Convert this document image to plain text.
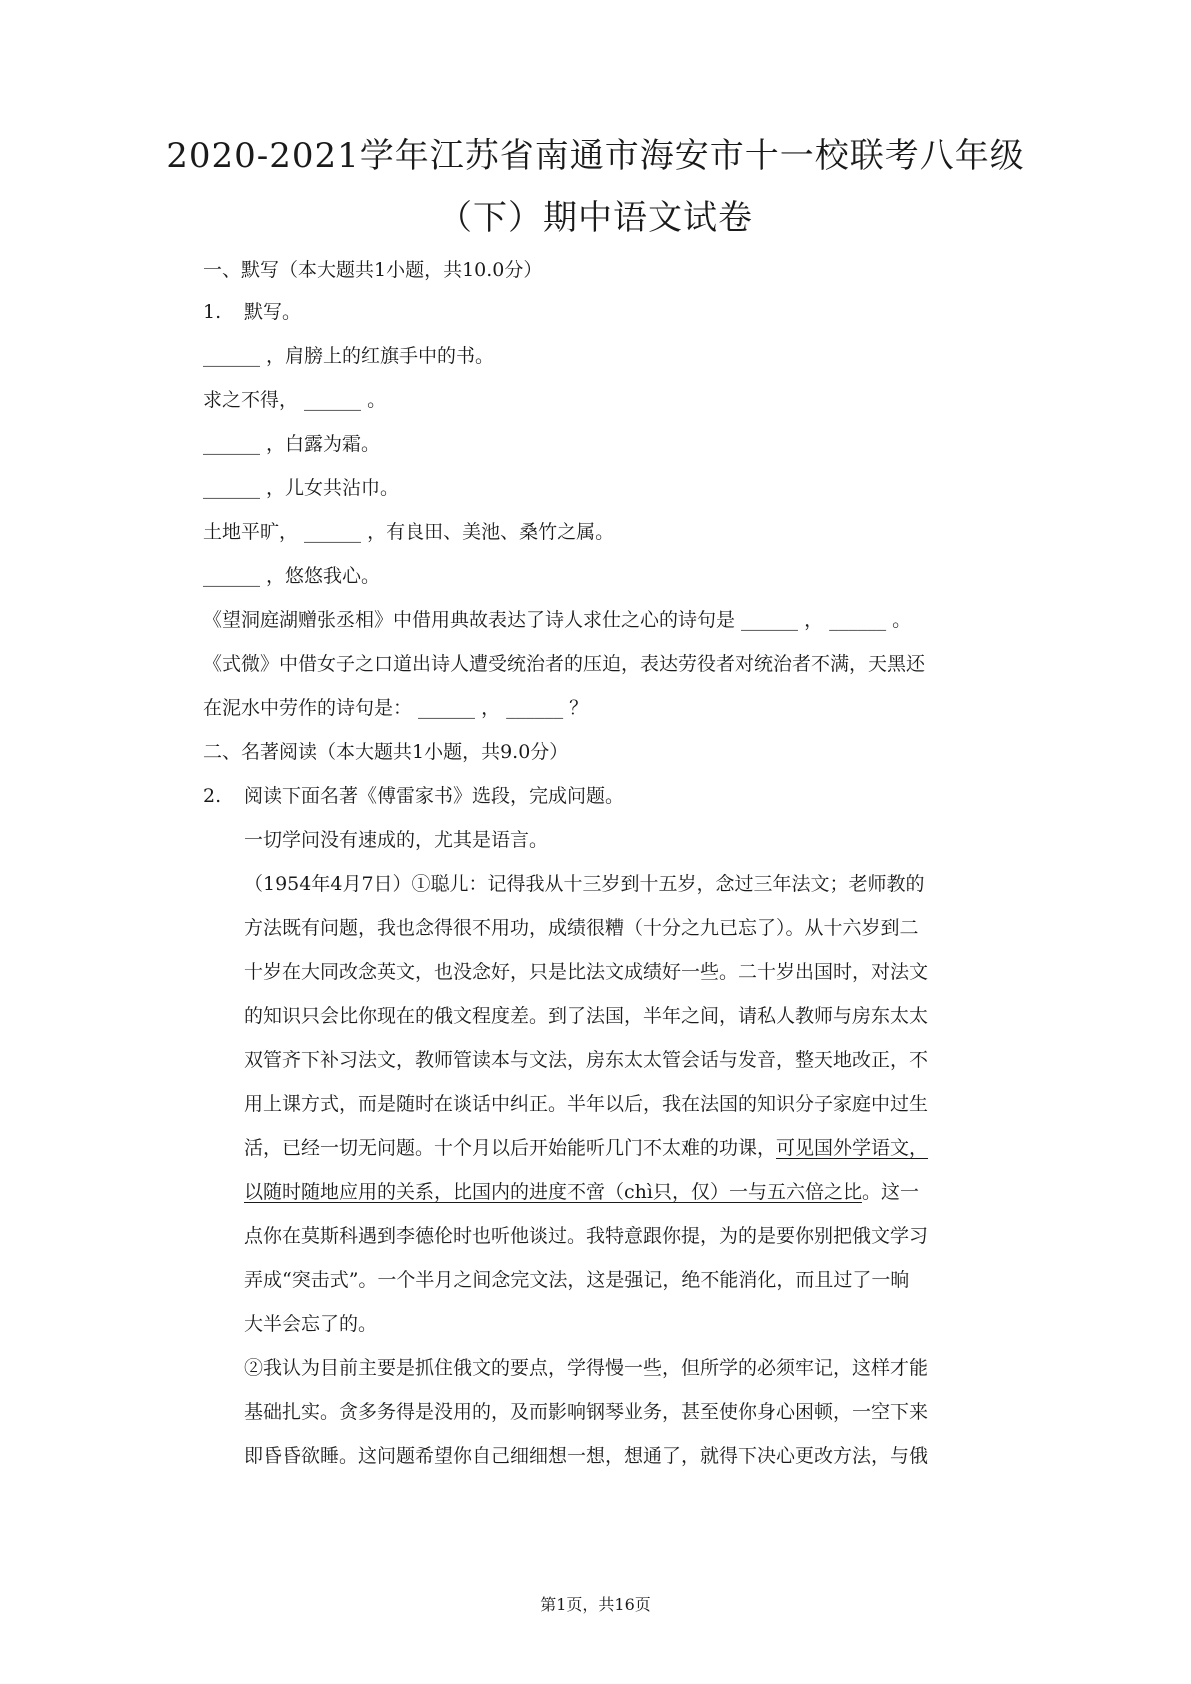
2020-2021学年江苏省南通市海安市十一校联考八年级
（下）期中语文试卷
一、默写（本大题共1小题，共10.0分）
1. 默写。
______ ，肩膀上的红旗手中的书。
求之不得， ______ 。
______ ，白露为霜。
______ ，儿女共沾巾。
土地平旷， ______ ，有良田、美池、桑竹之属。
______ ，悠悠我心。
《望洞庭湖赠张丞相》中借用典故表达了诗人求仕之心的诗句是 ______ ， ______ 。
《式微》中借女子之口道出诗人遭受统治者的压迫，表达劳役者对统治者不满，天黑还
在泥水中劳作的诗句是： ______ ， ______ ？
二、名著阅读（本大题共1小题，共9.0分）
2. 阅读下面名著《傅雷家书》选段，完成问题。
一切学问没有速成的，尤其是语言。
（1954年4月7日）①聪儿：记得我从十三岁到十五岁，念过三年法文；老师教的
方法既有问题，我也念得很不用功，成绩很糟（十分之九已忘了）。从十六岁到二
十岁在大同改念英文，也没念好，只是比法文成绩好一些。二十岁出国时，对法文
的知识只会比你现在的俄文程度差。到了法国，半年之间，请私人教师与房东太太
双管齐下补习法文，教师管读本与文法，房东太太管会话与发音，整天地改正，不
用上课方式，而是随时在谈话中纠正。半年以后，我在法国的知识分子家庭中过生
活，已经一切无问题。十个月以后开始能听几门不太难的功课，可见国外学语文，
以随时随地应用的关系，比国内的进度不啻（chì只，仅）一与五六倍之比。这一
点你在莫斯科遇到李德伦时也听他谈过。我特意跟你提，为的是要你别把俄文学习
弄成“突击式”。一个半月之间念完文法，这是强记，绝不能消化，而且过了一晌
大半会忘了的。
②我认为目前主要是抓住俄文的要点，学得慢一些，但所学的必须牢记，这样才能
基础扎实。贪多务得是没用的，及而影响钢琴业务，甚至使你身心困顿，一空下来
即昏昏欲睡。这问题希望你自己细细想一想，想通了，就得下决心更改方法，与俄
第1页，共16页
